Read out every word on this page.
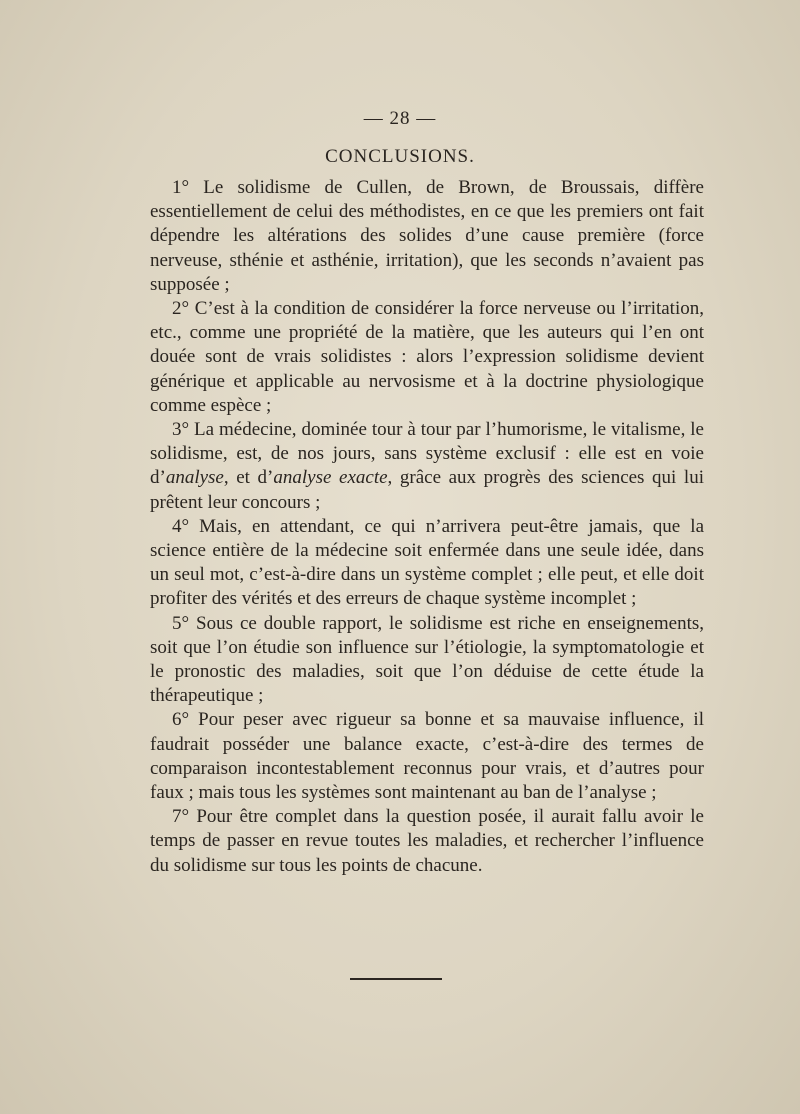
— 28 —
CONCLUSIONS.

1° Le solidisme de Cullen, de Brown, de Broussais, diffère essentiellement de celui des méthodistes, en ce que les premiers ont fait dépendre les altérations des solides d’une cause première (force nerveuse, sthénie et asthénie, irritation), que les seconds n’avaient pas supposée ;

2° C’est à la condition de considérer la force nerveuse ou l’irritation, etc., comme une propriété de la matière, que les auteurs qui l’en ont douée sont de vrais solidistes : alors l’expression solidisme devient générique et applicable au nervosisme et à la doctrine physiologique comme espèce ;

3° La médecine, dominée tour à tour par l’humorisme, le vitalisme, le solidisme, est, de nos jours, sans système exclusif : elle est en voie d’analyse, et d’analyse exacte, grâce aux progrès des sciences qui lui prêtent leur concours ;

4° Mais, en attendant, ce qui n’arrivera peut-être jamais, que la science entière de la médecine soit enfermée dans une seule idée, dans un seul mot, c’est-à-dire dans un système complet ; elle peut, et elle doit profiter des vérités et des erreurs de chaque système incomplet ;

5° Sous ce double rapport, le solidisme est riche en enseignements, soit que l’on étudie son influence sur l’étiologie, la symptomatologie et le pronostic des maladies, soit que l’on déduise de cette étude la thérapeutique ;

6° Pour peser avec rigueur sa bonne et sa mauvaise influence, il faudrait posséder une balance exacte, c’est-à-dire des termes de comparaison incontestablement reconnus pour vrais, et d’autres pour faux ; mais tous les systèmes sont maintenant au ban de l’analyse ;

7° Pour être complet dans la question posée, il aurait fallu avoir le temps de passer en revue toutes les maladies, et rechercher l’influence du solidisme sur tous les points de chacune.
